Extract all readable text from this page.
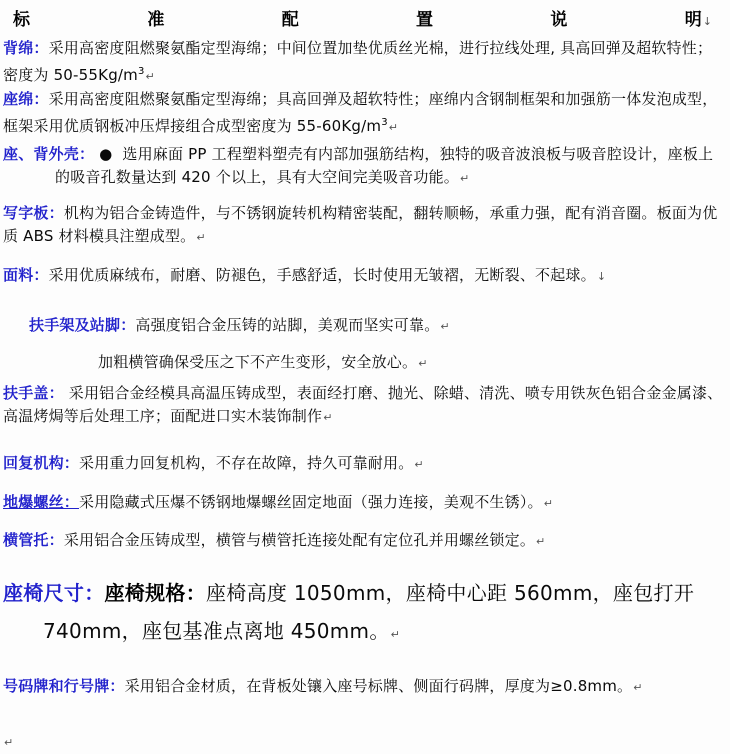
标	准	配	置	说	明↓

背绵：采用高密度阻燃聚氨酯定型海绵；中间位置加垫优质丝光棉，进行拉线处理, 具高回弹及超软特性；密度为 $50-55Kg/m^3↵$

座绵：采用高密度阻燃聚氨酯定型海绵；具高回弹及超软特性；座绵内含钢制框架和加强筋一体发泡成型，框架采用优质钢板冲压焊接组合成型密度为 $55-60Kg/m^3↵$

座、背外壳： ● 选用麻面 PP 工程塑料塑壳有内部加强筋结构，独特的吸音波浪板与吸音腔设计，座板上的吸音孔数量达到 420 个以上，具有大空间完美吸音功能。↵

写字板：机构为铝合金铸造件，与不锈钢旋转机构精密装配，翻转顺畅，承重力强，配有消音圈。板面为优质 ABS 材料模具注塑成型。↵

面料：采用优质麻绒布，耐磨、防褪色，手感舒适，长时使用无皱褶，无断裂、不起球。↓

扶手架及站脚：高强度铝合金压铸的站脚，美观而坚实可靠。↵

加粗横管确保受压之下不产生变形，安全放心。↵

扶手盖： 采用铝合金经模具高温压铸成型，表面经打磨、抛光、除蜡、清洗、喷专用铁灰色铝合金金属漆、高温烤焗等后处理工序；面配进口实木装饰制作↵

回复机构：采用重力回复机构，不存在故障，持久可靠耐用。↵

地爆螺丝：采用隐藏式压爆不锈钢地爆螺丝固定地面（强力连接，美观不生锈）。↵

横管托：采用铝合金压铸成型，横管与横管托连接处配有定位孔并用螺丝锁定。↵

座椅尺寸：座椅规格：座椅高度 1050mm，座椅中心距 560mm，座包打开 740mm，座包基准点离地 450mm。↵

号码牌和行号牌：采用铝合金材质，在背板处镶入座号标牌、侧面行码牌，厚度为≥0.8mm。↵

↵
